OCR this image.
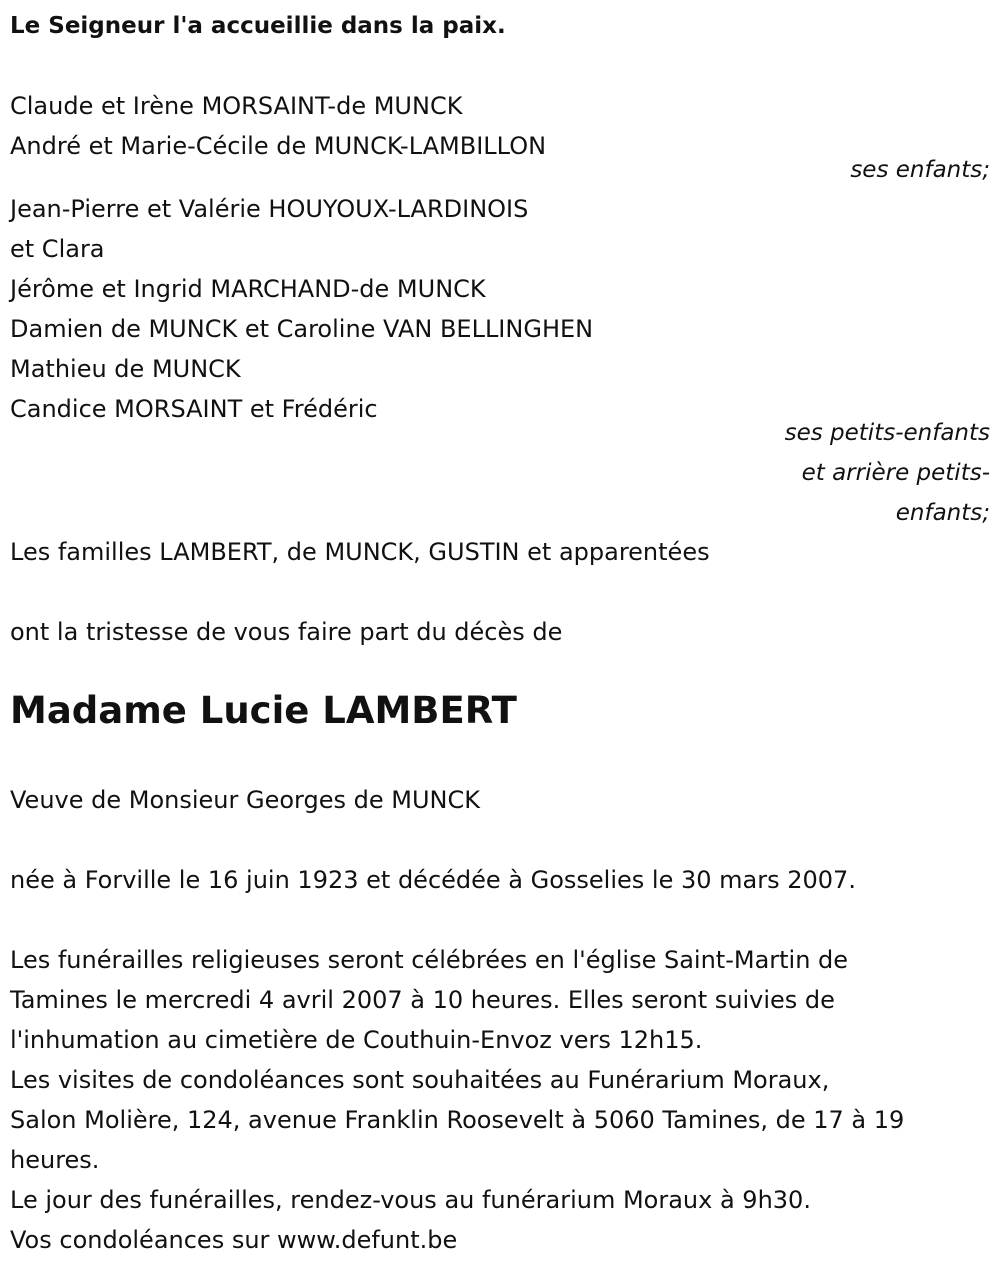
Le Seigneur l'a accueillie dans la paix.
Claude et Irène MORSAINT-de MUNCK
André et Marie-Cécile de MUNCK-LAMBILLON
ses enfants;
Jean-Pierre et Valérie HOUYOUX-LARDINOIS
et Clara
Jérôme et Ingrid MARCHAND-de MUNCK
Damien de MUNCK et Caroline VAN BELLINGHEN
Mathieu de MUNCK
Candice MORSAINT et Frédéric
ses petits-enfants
et arrière petits-
enfants;
Les familles LAMBERT, de MUNCK, GUSTIN et apparentées
ont la tristesse de vous faire part du décès de
Madame Lucie LAMBERT
Veuve de Monsieur Georges de MUNCK
née à Forville le 16 juin 1923 et décédée à Gosselies le 30 mars 2007.
Les funérailles religieuses seront célébrées en l'église Saint-Martin de
Tamines le mercredi 4 avril 2007 à 10 heures. Elles seront suivies de
l'inhumation au cimetière de Couthuin-Envoz vers 12h15.
Les visites de condoléances sont souhaitées au Funérarium Moraux,
Salon Molière, 124, avenue Franklin Roosevelt à 5060 Tamines, de 17 à 19
heures.
Le jour des funérailles, rendez-vous au funérarium Moraux à 9h30.
Vos condoléances sur www.defunt.be
